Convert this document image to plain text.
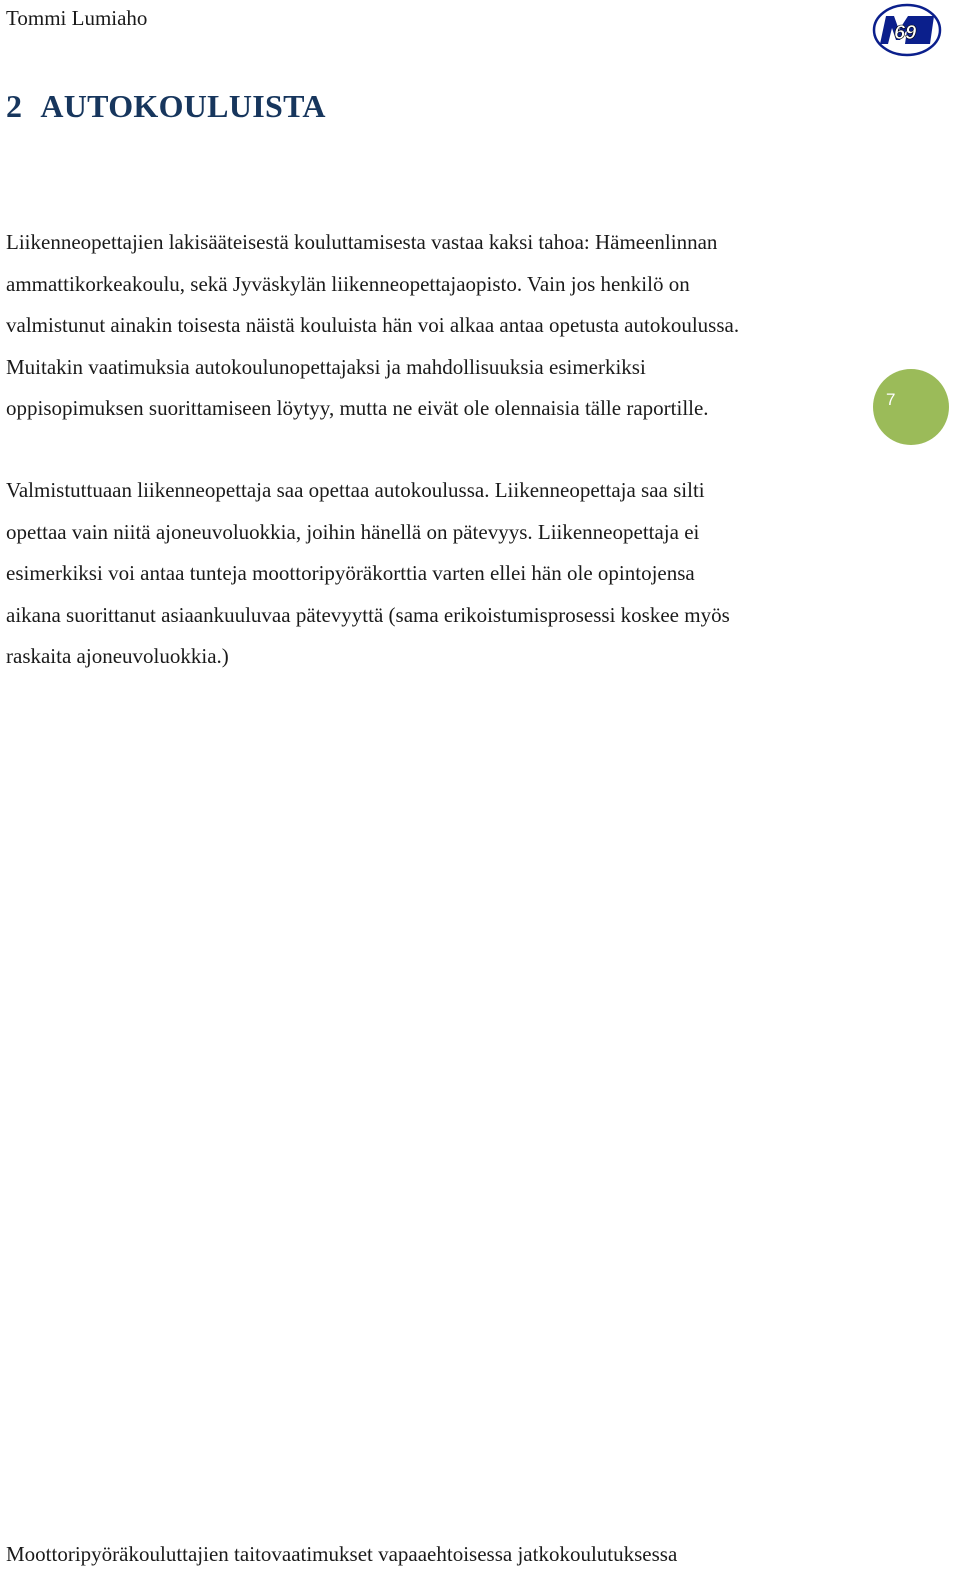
Tommi Lumiaho
69
2 AUTOKOULUISTA
Liikenneopettajien lakisääteisestä kouluttamisesta vastaa kaksi tahoa: Hämeenlinnan
ammattikorkeakoulu, sekä Jyväskylän liikenneopettajaopisto. Vain jos henkilö on
valmistunut ainakin toisesta näistä kouluista hän voi alkaa antaa opetusta autokoulussa.
Muitakin vaatimuksia autokoulunopettajaksi ja mahdollisuuksia esimerkiksi
oppisopimuksen suorittamiseen löytyy, mutta ne eivät ole olennaisia tälle raportille.	7
Valmistuttuaan liikenneopettaja saa opettaa autokoulussa. Liikenneopettaja saa silti
opettaa vain niitä ajoneuvoluokkia, joihin hänellä on pätevyys. Liikenneopettaja ei
esimerkiksi voi antaa tunteja moottoripyöräkorttia varten ellei hän ole opintojensa
aikana suorittanut asiaankuuluvaa pätevyyttä (sama erikoistumisprosessi koskee myös
raskaita ajoneuvoluokkia.)
Moottoripyöräkouluttajien taitovaatimukset vapaaehtoisessa jatkokoulutuksessa
